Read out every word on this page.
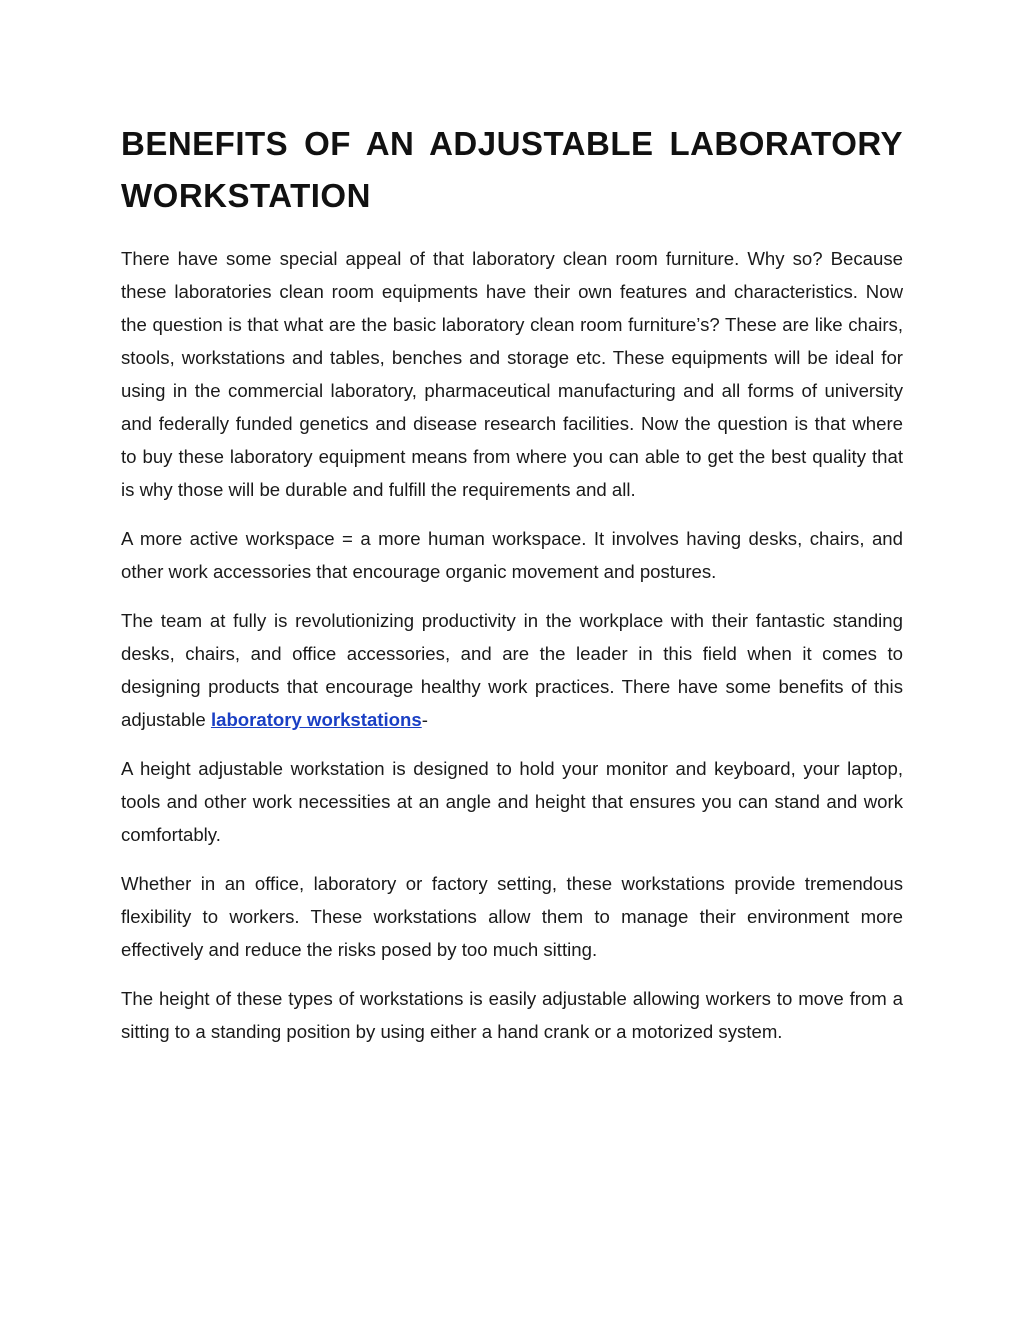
BENEFITS OF AN ADJUSTABLE LABORATORY WORKSTATION

There have some special appeal of that laboratory clean room furniture. Why so? Because these laboratories clean room equipments have their own features and characteristics. Now the question is that what are the basic laboratory clean room furniture’s? These are like chairs, stools, workstations and tables, benches and storage etc. These equipments will be ideal for using in the commercial laboratory, pharmaceutical manufacturing and all forms of university and federally funded genetics and disease research facilities. Now the question is that where to buy these laboratory equipment means from where you can able to get the best quality that is why those will be durable and fulfill the requirements and all.

A more active workspace = a more human workspace. It involves having desks, chairs, and other work accessories that encourage organic movement and postures.

The team at fully is revolutionizing productivity in the workplace with their fantastic standing desks, chairs, and office accessories, and are the leader in this field when it comes to designing products that encourage healthy work practices. There have some benefits of this adjustable laboratory workstations-

A height adjustable workstation is designed to hold your monitor and keyboard, your laptop, tools and other work necessities at an angle and height that ensures you can stand and work comfortably.

Whether in an office, laboratory or factory setting, these workstations provide tremendous flexibility to workers. These workstations allow them to manage their environment more effectively and reduce the risks posed by too much sitting.

The height of these types of workstations is easily adjustable allowing workers to move from a sitting to a standing position by using either a hand crank or a motorized system.
